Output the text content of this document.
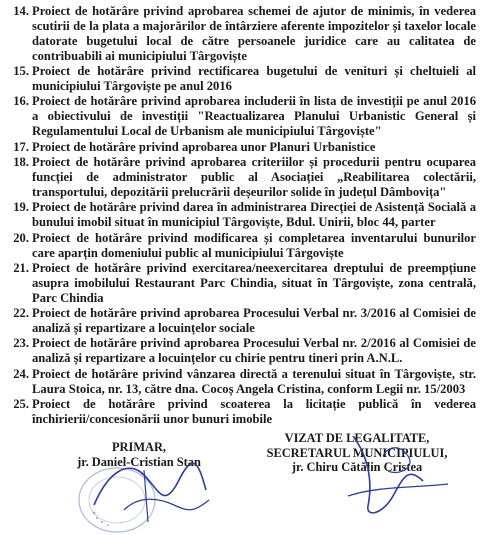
14. Proiect de hotărâre privind aprobarea schemei de ajutor de minimis, în vederea scutirii de la plata a majorărilor de întârziere aferente impozitelor și taxelor locale datorate bugetului local de către persoanele juridice care au calitatea de contribuabili ai municipiului Târgoviște
15. Proiect de hotărâre privind rectificarea bugetului de venituri și cheltuieli al municipiului Târgoviște pe anul 2016
16. Proiect de hotărâre privind aprobarea includerii în lista de investiții pe anul 2016 a obiectivului de investiții "Reactualizarea Planului Urbanistic General și Regulamentului Local de Urbanism ale municipiului Târgoviște"
17. Proiect de hotărâre privind aprobarea unor Planuri Urbanistice
18. Proiect de hotărâre privind aprobarea criteriilor și procedurii pentru ocuparea funcției de administrator public al Asociației „Reabilitarea colectării, transportului, depozitării prelucrării deșeurilor solide în județul Dâmbovița"
19. Proiect de hotărâre privind darea în administrarea Direcției de Asistență Socială a bunului imobil situat în municipiul Târgoviște, Bdul. Unirii, bloc 44, parter
20. Proiect de hotărâre privind modificarea și completarea inventarului bunurilor care aparțin domeniului public al municipiului Târgoviște
21. Proiect de hotărâre privind exercitarea/neexercitarea dreptului de preempțiune asupra imobilului Restaurant Parc Chindia, situat în Târgoviște, zona centrală, Parc Chindia
22. Proiect de hotărâre privind aprobarea Procesului Verbal nr. 3/2016 al Comisiei de analiză și repartizare a locuințelor sociale
23. Proiect de hotărâre privind aprobarea Procesului Verbal nr. 2/2016 al Comisiei de analiză și repartizare a locuințelor cu chirie pentru tineri prin A.N.L.
24. Proiect de hotărâre privind vânzarea directă a terenului situat în Târgoviște, str. Laura Stoica, nr. 13, către dna. Cocoș Angela Cristina, conform Legii nr. 15/2003
25. Proiect de hotărâre privind scoaterea la licitație publică în vederea închirierii/concesionării unor bunuri imobile
PRIMAR,
jr. Daniel-Cristian Stan
VIZAT DE LEGALITATE,
SECRETARUL MUNICIPIULUI,
jr. Chiru Cătălin Cristea
